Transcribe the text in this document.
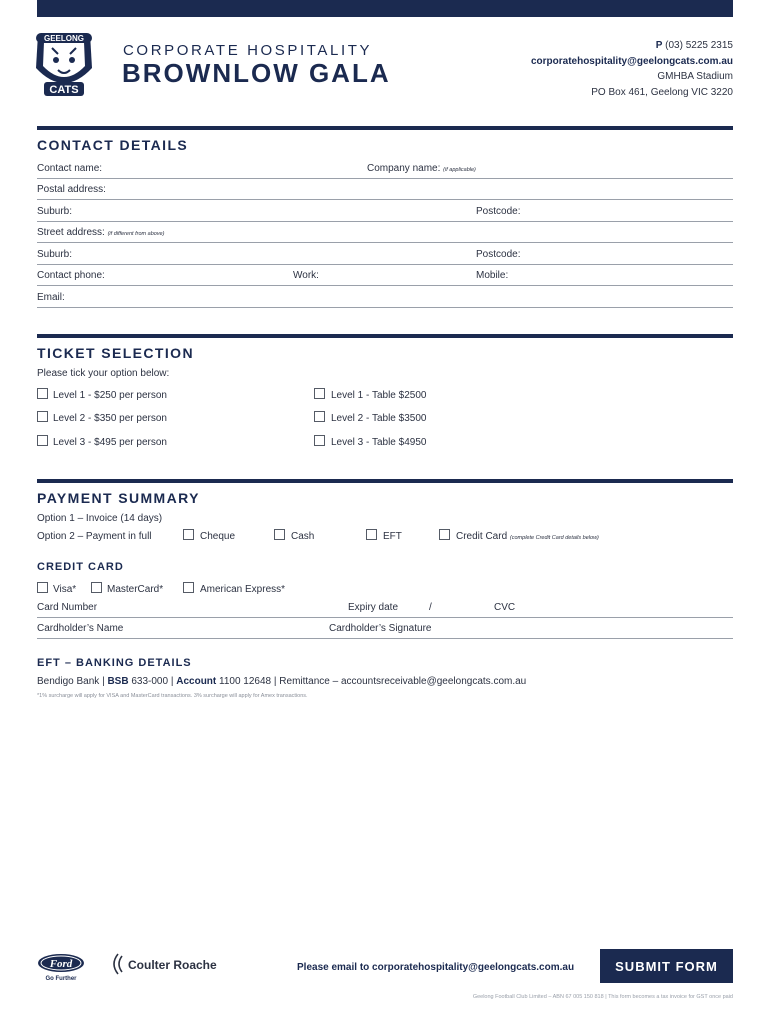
GEELONG
CATS
CORPORATE HOSPITALITY
BROWNLOW GALA
P (03) 5225 2315
corporatehospitality@geelongcats.com.au
GMHBA Stadium
PO Box 461, Geelong VIC 3220
CONTACT DETAILS
Contact name:	Company name: (if applicable)
Postal address:
Suburb:	Postcode:
Street address: (if different from above)
Suburb:	Postcode:
Contact phone:	Work:	Mobile:
Email:
TICKET SELECTION
Please tick your option below:
Level 1 - $250 per person	Level 1 - Table $2500
Level 2 - $350 per person	Level 2 - Table $3500
Level 3 - $495 per person	Level 3 - Table $4950
PAYMENT SUMMARY
Option 1 – Invoice (14 days)
Option 2 – Payment in full	Cheque	Cash	EFT	Credit Card (complete Credit Card details below)
CREDIT CARD
Visa*	MasterCard*	American Express*
Card Number	Expiry date	/	CVC
Cardholder’s Name	Cardholder’s Signature
EFT – BANKING DETAILS
Bendigo Bank | BSB 633-000 | Account 1100 12648 | Remittance – accountsreceivable@geelongcats.com.au
*1% surcharge will apply for VISA and MasterCard transactions. 3% surcharge will apply for Amex transactions.
Ford
Go Further
Coulter Roache	Please email to corporatehospitality@geelongcats.com.au	SUBMIT FORM
Geelong Football Club Limited – ABN 67 005 150 818 | This form becomes a tax invoice for GST once paid
